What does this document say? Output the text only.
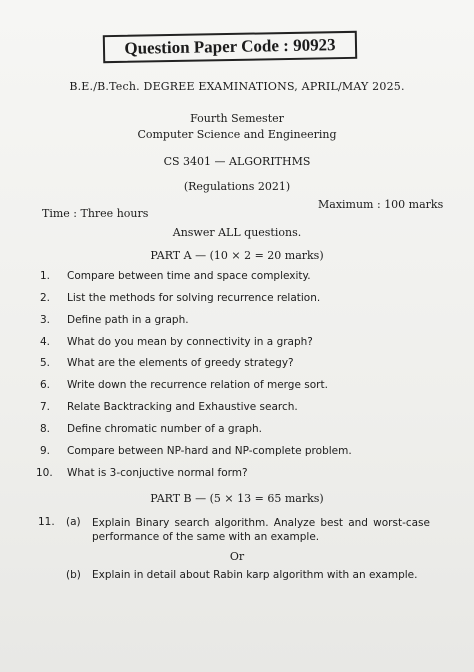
Question Paper Code : 90923
B.E./B.Tech. DEGREE EXAMINATIONS, APRIL/MAY 2025.
Fourth Semester
Computer Science and Engineering
CS 3401 — ALGORITHMS
(Regulations 2021)
Time : Three hours
Maximum : 100 marks
Answer ALL questions.
PART A — (10 × 2 = 20 marks)
1. Compare between time and space complexity.
2. List the methods for solving recurrence relation.
3. Define path in a graph.
4. What do you mean by connectivity in a graph?
5. What are the elements of greedy strategy?
6. Write down the recurrence relation of merge sort.
7. Relate Backtracking and Exhaustive search.
8. Define chromatic number of a graph.
9. Compare between NP-hard and NP-complete problem.
10. What is 3-conjuctive normal form?
PART B — (5 × 13 = 65 marks)
11. (a) Explain Binary search algorithm. Analyze best and worst-case performance of the same with an example.
Or
(b) Explain in detail about Rabin karp algorithm with an example.
